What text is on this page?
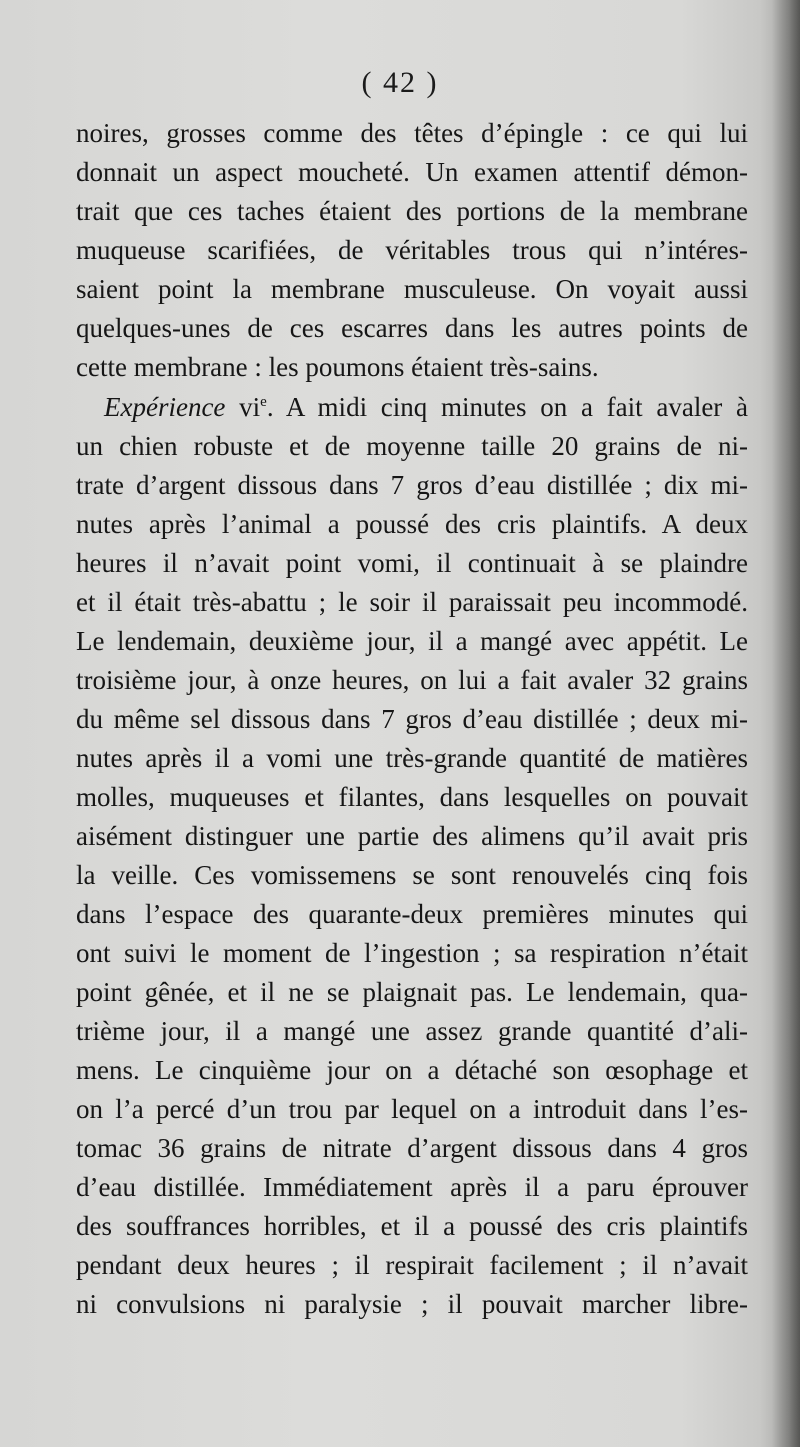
( 42 )
noires, grosses comme des têtes d’épingle : ce qui lui
donnait un aspect moucheté. Un examen attentif démon-
trait que ces taches étaient des portions de la membrane
muqueuse scarifiées, de véritables trous qui n’intéres-
saient point la membrane musculeuse. On voyait aussi
quelques-unes de ces escarres dans les autres points de
cette membrane : les poumons étaient très-sains.
Expérience $vi^e$. A midi cinq minutes on a fait avaler à
un chien robuste et de moyenne taille 20 grains de ni-
trate d’argent dissous dans 7 gros d’eau distillée ; dix mi-
nutes après l’animal a poussé des cris plaintifs. A deux
heures il n’avait point vomi, il continuait à se plaindre
et il était très-abattu ; le soir il paraissait peu incommodé.
Le lendemain, deuxième jour, il a mangé avec appétit. Le
troisième jour, à onze heures, on lui a fait avaler 32 grains
du même sel dissous dans 7 gros d’eau distillée ; deux mi-
nutes après il a vomi une très-grande quantité de matières
molles, muqueuses et filantes, dans lesquelles on pouvait
aisément distinguer une partie des alimens qu’il avait pris
la veille. Ces vomissemens se sont renouvelés cinq fois
dans l’espace des quarante-deux premières minutes qui
ont suivi le moment de l’ingestion ; sa respiration n’était
point gênée, et il ne se plaignait pas. Le lendemain, qua-
trième jour, il a mangé une assez grande quantité d’ali-
mens. Le cinquième jour on a détaché son œsophage et
on l’a percé d’un trou par lequel on a introduit dans l’es-
tomac 36 grains de nitrate d’argent dissous dans 4 gros
d’eau distillée. Immédiatement après il a paru éprouver
des souffrances horribles, et il a poussé des cris plaintifs
pendant deux heures ; il respirait facilement ; il n’avait
ni convulsions ni paralysie ; il pouvait marcher libre-
